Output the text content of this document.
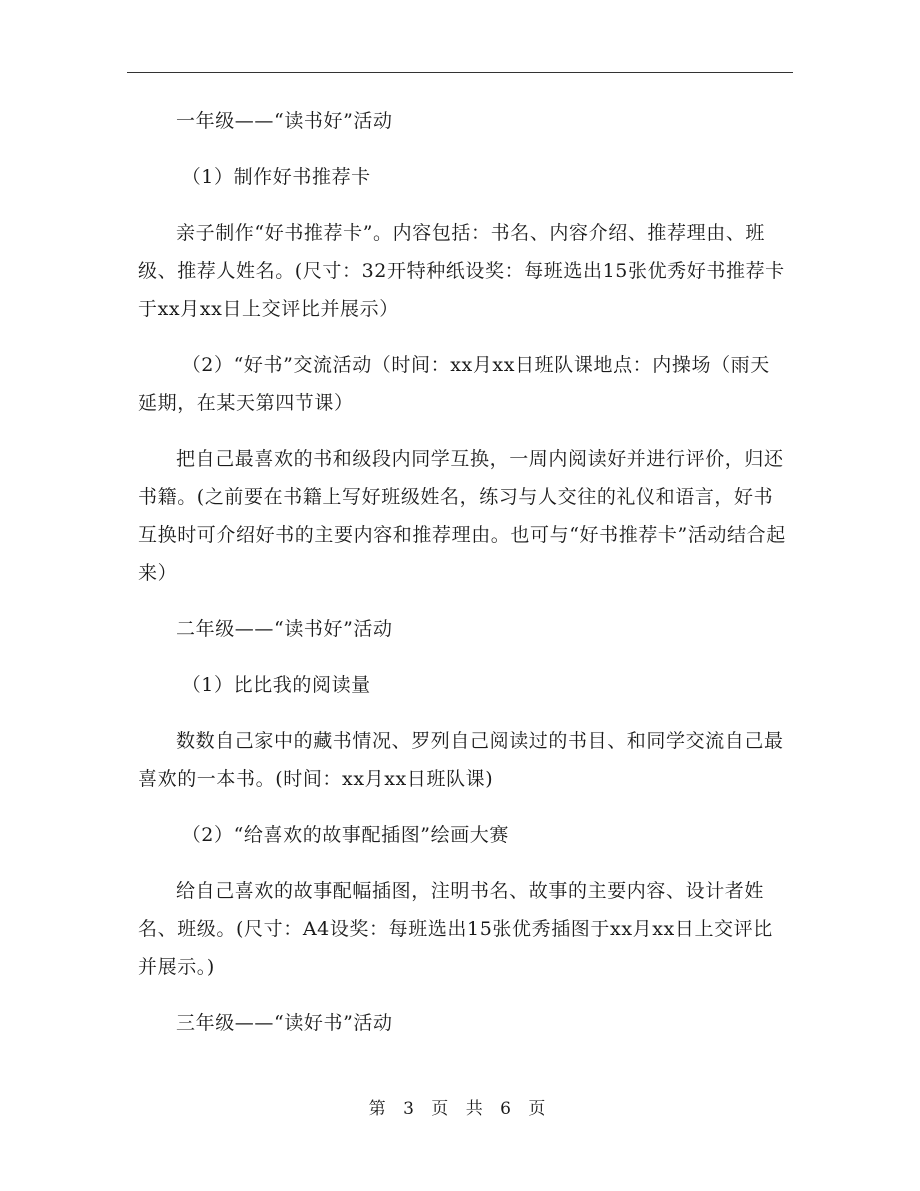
一年级——“读书好”活动

（1）制作好书推荐卡

亲子制作“好书推荐卡”。内容包括：书名、内容介绍、推荐理由、班级、推荐人姓名。(尺寸：32开特种纸设奖：每班选出15张优秀好书推荐卡于xx月xx日上交评比并展示）

（2）“好书”交流活动（时间：xx月xx日班队课地点：内操场（雨天延期，在某天第四节课）

把自己最喜欢的书和级段内同学互换，一周内阅读好并进行评价，归还书籍。(之前要在书籍上写好班级姓名，练习与人交往的礼仪和语言，好书互换时可介绍好书的主要内容和推荐理由。也可与“好书推荐卡”活动结合起来）

二年级——“读书好”活动

（1）比比我的阅读量

数数自己家中的藏书情况、罗列自己阅读过的书目、和同学交流自己最喜欢的一本书。(时间：xx月xx日班队课)

（2）“给喜欢的故事配插图”绘画大赛

给自己喜欢的故事配幅插图，注明书名、故事的主要内容、设计者姓名、班级。(尺寸：A4设奖：每班选出15张优秀插图于xx月xx日上交评比并展示。)

三年级——“读好书”活动

第 3 页 共 6 页
